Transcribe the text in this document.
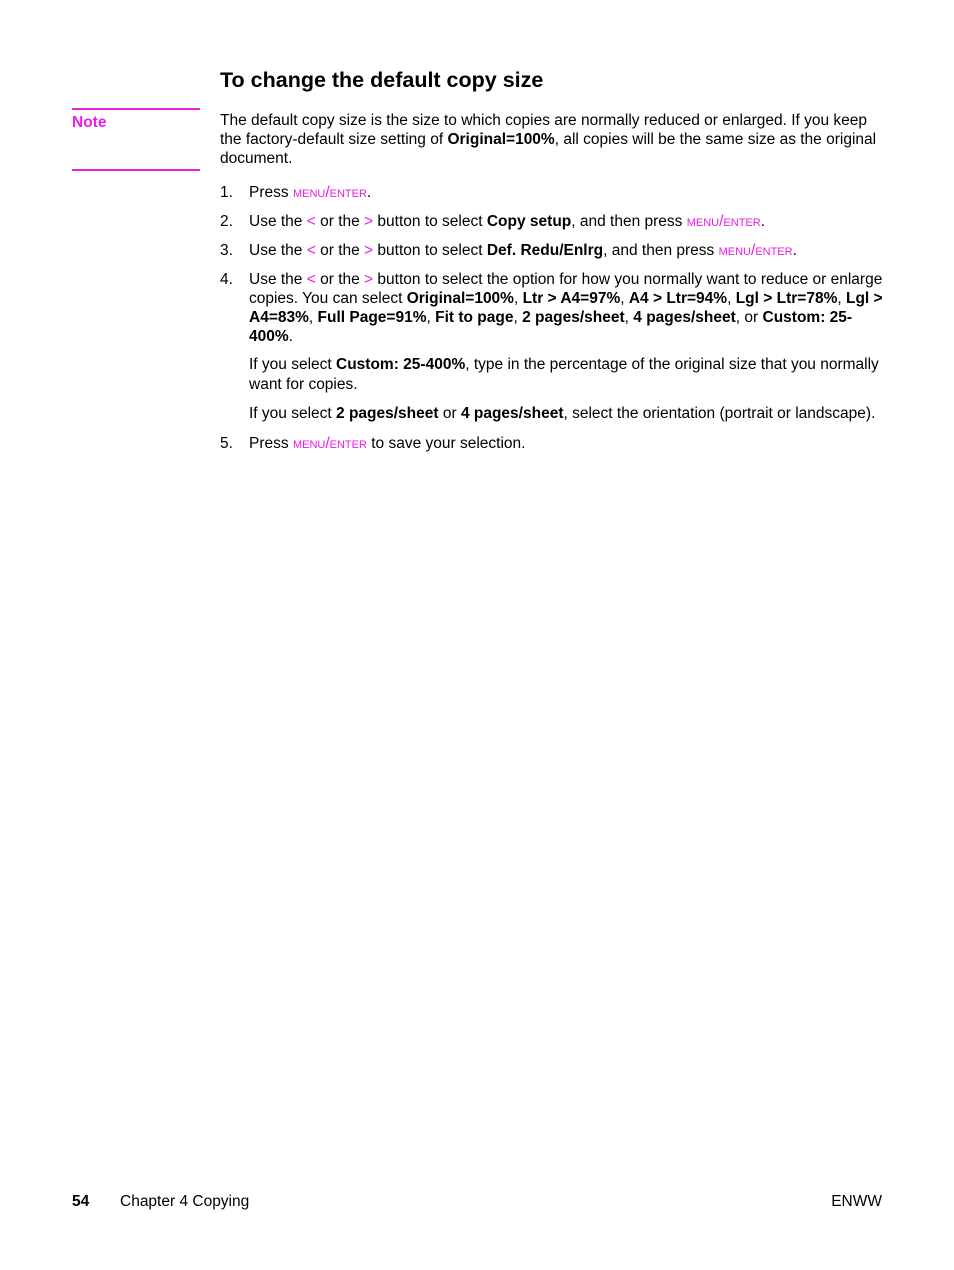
To change the default copy size
Note	The default copy size is the size to which copies are normally reduced or enlarged. If you keep the factory-default size setting of Original=100%, all copies will be the same size as the original document.

1. Press menu/enter.

2. Use the < or the > button to select Copy setup, and then press menu/enter.

3. Use the < or the > button to select Def. Redu/Enlrg, and then press menu/enter.

4. Use the < or the > button to select the option for how you normally want to reduce or enlarge copies. You can select Original=100%, Ltr > A4=97%, A4 > Ltr=94%, Lgl > Ltr=78%, Lgl > A4=83%, Full Page=91%, Fit to page, 2 pages/sheet, 4 pages/sheet, or Custom: 25-400%.

If you select Custom: 25-400%, type in the percentage of the original size that you normally want for copies.

If you select 2 pages/sheet or 4 pages/sheet, select the orientation (portrait or landscape).

5. Press menu/enter to save your selection.

54 Chapter 4 Copying	ENWW
